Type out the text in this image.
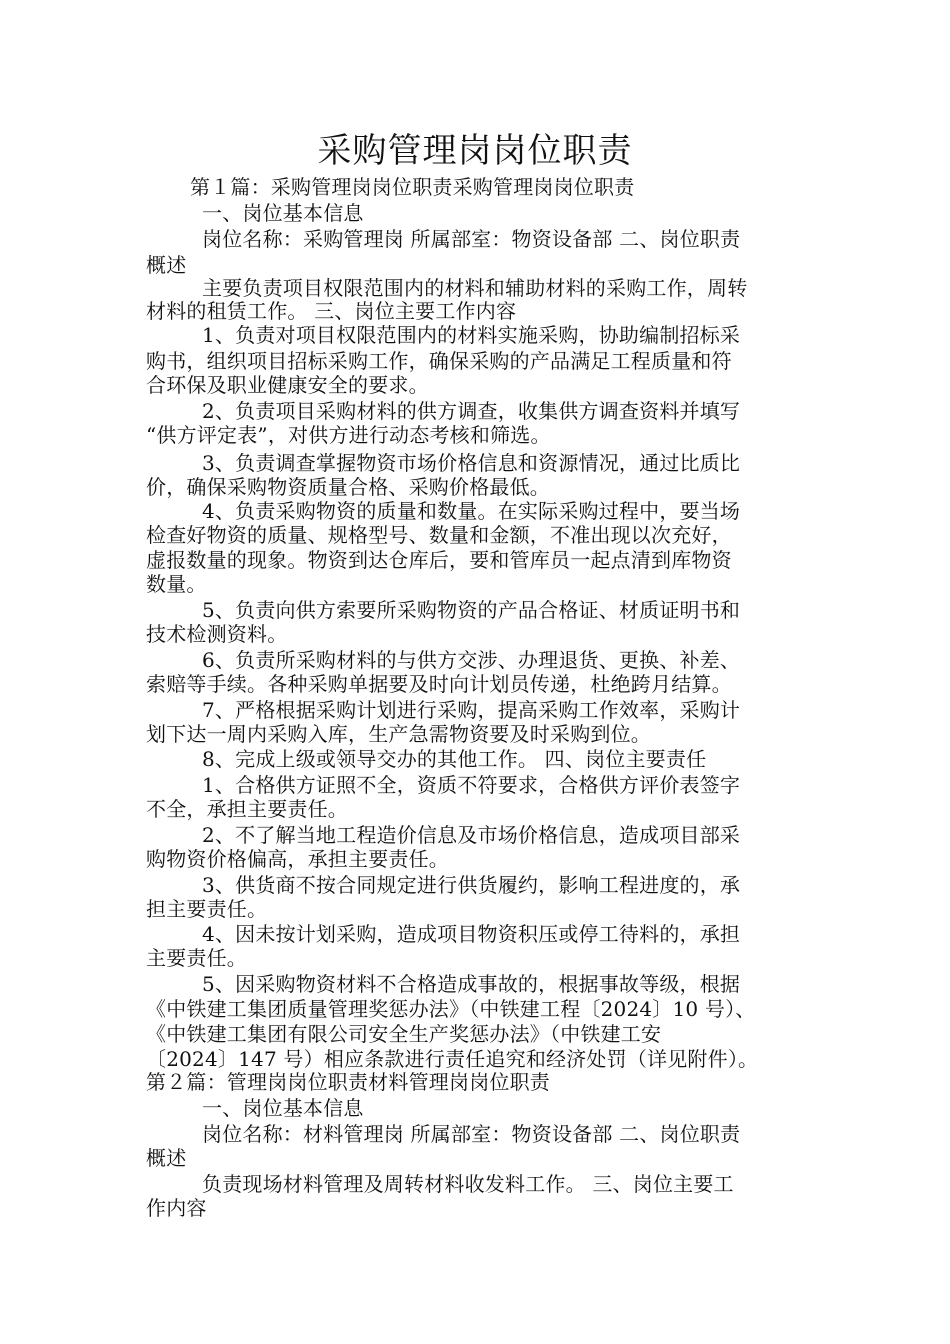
采购管理岗岗位职责
第１篇：采购管理岗岗位职责采购管理岗岗位职责
一、岗位基本信息
岗位名称：采购管理岗 所属部室：物资设备部 二、岗位职责
概述
主要负责项目权限范围内的材料和辅助材料的采购工作，周转
材料的租赁工作。 三、岗位主要工作内容
1、负责对项目权限范围内的材料实施采购，协助编制招标采
购书，组织项目招标采购工作，确保采购的产品满足工程质量和符
合环保及职业健康安全的要求。
2、负责项目采购材料的供方调查，收集供方调查资料并填写
“供方评定表”，对供方进行动态考核和筛选。
3、负责调查掌握物资市场价格信息和资源情况，通过比质比
价，确保采购物资质量合格、采购价格最低。
4、负责采购物资的质量和数量。在实际采购过程中，要当场
检查好物资的质量、规格型号、数量和金额，不准出现以次充好，
虚报数量的现象。物资到达仓库后，要和管库员一起点清到库物资
数量。
5、负责向供方索要所采购物资的产品合格证、材质证明书和
技术检测资料。
6、负责所采购材料的与供方交涉、办理退货、更换、补差、
索赔等手续。各种采购单据要及时向计划员传递，杜绝跨月结算。
7、严格根据采购计划进行采购，提高采购工作效率，采购计
划下达一周内采购入库，生产急需物资要及时采购到位。
8、完成上级或领导交办的其他工作。 四、岗位主要责任
1、合格供方证照不全，资质不符要求，合格供方评价表签字
不全，承担主要责任。
2、不了解当地工程造价信息及市场价格信息，造成项目部采
购物资价格偏高，承担主要责任。
3、供货商不按合同规定进行供货履约，影响工程进度的，承
担主要责任。
4、因未按计划采购，造成项目物资积压或停工待料的，承担
主要责任。
5、因采购物资材料不合格造成事故的，根据事故等级，根据
《中铁建工集团质量管理奖惩办法》（中铁建工程〔2024〕10 号）、
《中铁建工集团有限公司安全生产奖惩办法》（中铁建工安
〔2024〕147 号）相应条款进行责任追究和经济处罚（详见附件）。
第２篇：管理岗岗位职责材料管理岗岗位职责
一、岗位基本信息
岗位名称：材料管理岗 所属部室：物资设备部 二、岗位职责
概述
负责现场材料管理及周转材料收发料工作。 三、岗位主要工
作内容
